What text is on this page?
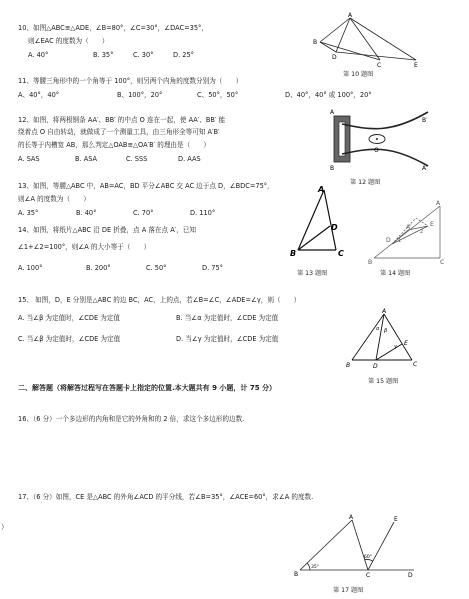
10、如图△ABC≌△ADE，∠B=80°，∠C=30°，∠DAC=35°，
则∠EAC 的度数为（　　）
A. 40°	B. 35°	C. 30°	D. 25°
A
B
D
C	E
第 10 题图
11、等腰三角形中的一个角等于 100°，则另两个内角的度数分别为（　　）
A、40°，40°	B、100°，20°	C、50°，50°	D、40°，40° 或 100°，20°
12、如图，将两根钢条 AA′、BB′ 的中点 O 连在一起，使 AA′、BB′ 能
绕着点 O 自由转动，就做成了一个测量工具，由三角形全等可知 A′B′
的长等于内槽宽 AB，那么判定△OAB≌△OA′B′ 的理由是（　　）
A. SAS	B. ASA	C. SSS	D. AAS
A
B
O
B′
A′
第 12 题图
13、如图，等腰△ABC 中，AB=AC，BD 平分∠ABC 交 AC 边于点 D，∠BDC=75°，
则∠A 的度数为（　　）
A. 35°	B. 40°	C. 70°	D. 110°
14、如图，将纸片△ABC 沿 DE 折叠，点 A 落在点 A′，已知
∠1+∠2=100°，则∠A 的大小等于（　　）
A. 100°	B. 200°	C. 50°	D. 75°
A
B
D
C
第 13 题图
A
B	C
D
E
A′
1
2
第 14 题图
15、 如图，D，E 分别是△ABC 的边 BC，AC，上的点，若∠B=∠C，∠ADE=∠γ，则（　　）
A. 当∠β 为定值时，∠CDE 为定值	B. 当∠α 为定值时，∠CDE 为定值
C. 当∠β 为定值时，∠CDE 为定值	D. 当∠γ 为定值时，∠CDE 为定值
A
B	D	C
E
α β
γ
第 15 题图
二、解答题（将解答过程写在答题卡上指定的位置.本大题共有 9 小题，计 75 分）
16、（6 分）一个多边形的内角和是它的外角和的 2 倍，求这个多边形的边数.
17、（6 分）如图，CE 是△ABC 的外角∠ACD 的平分线，若∠B=35°，∠ACE=60°，求∠A 的度数.
A	E
B	C	D
35°
60°
第 17 题图
）
